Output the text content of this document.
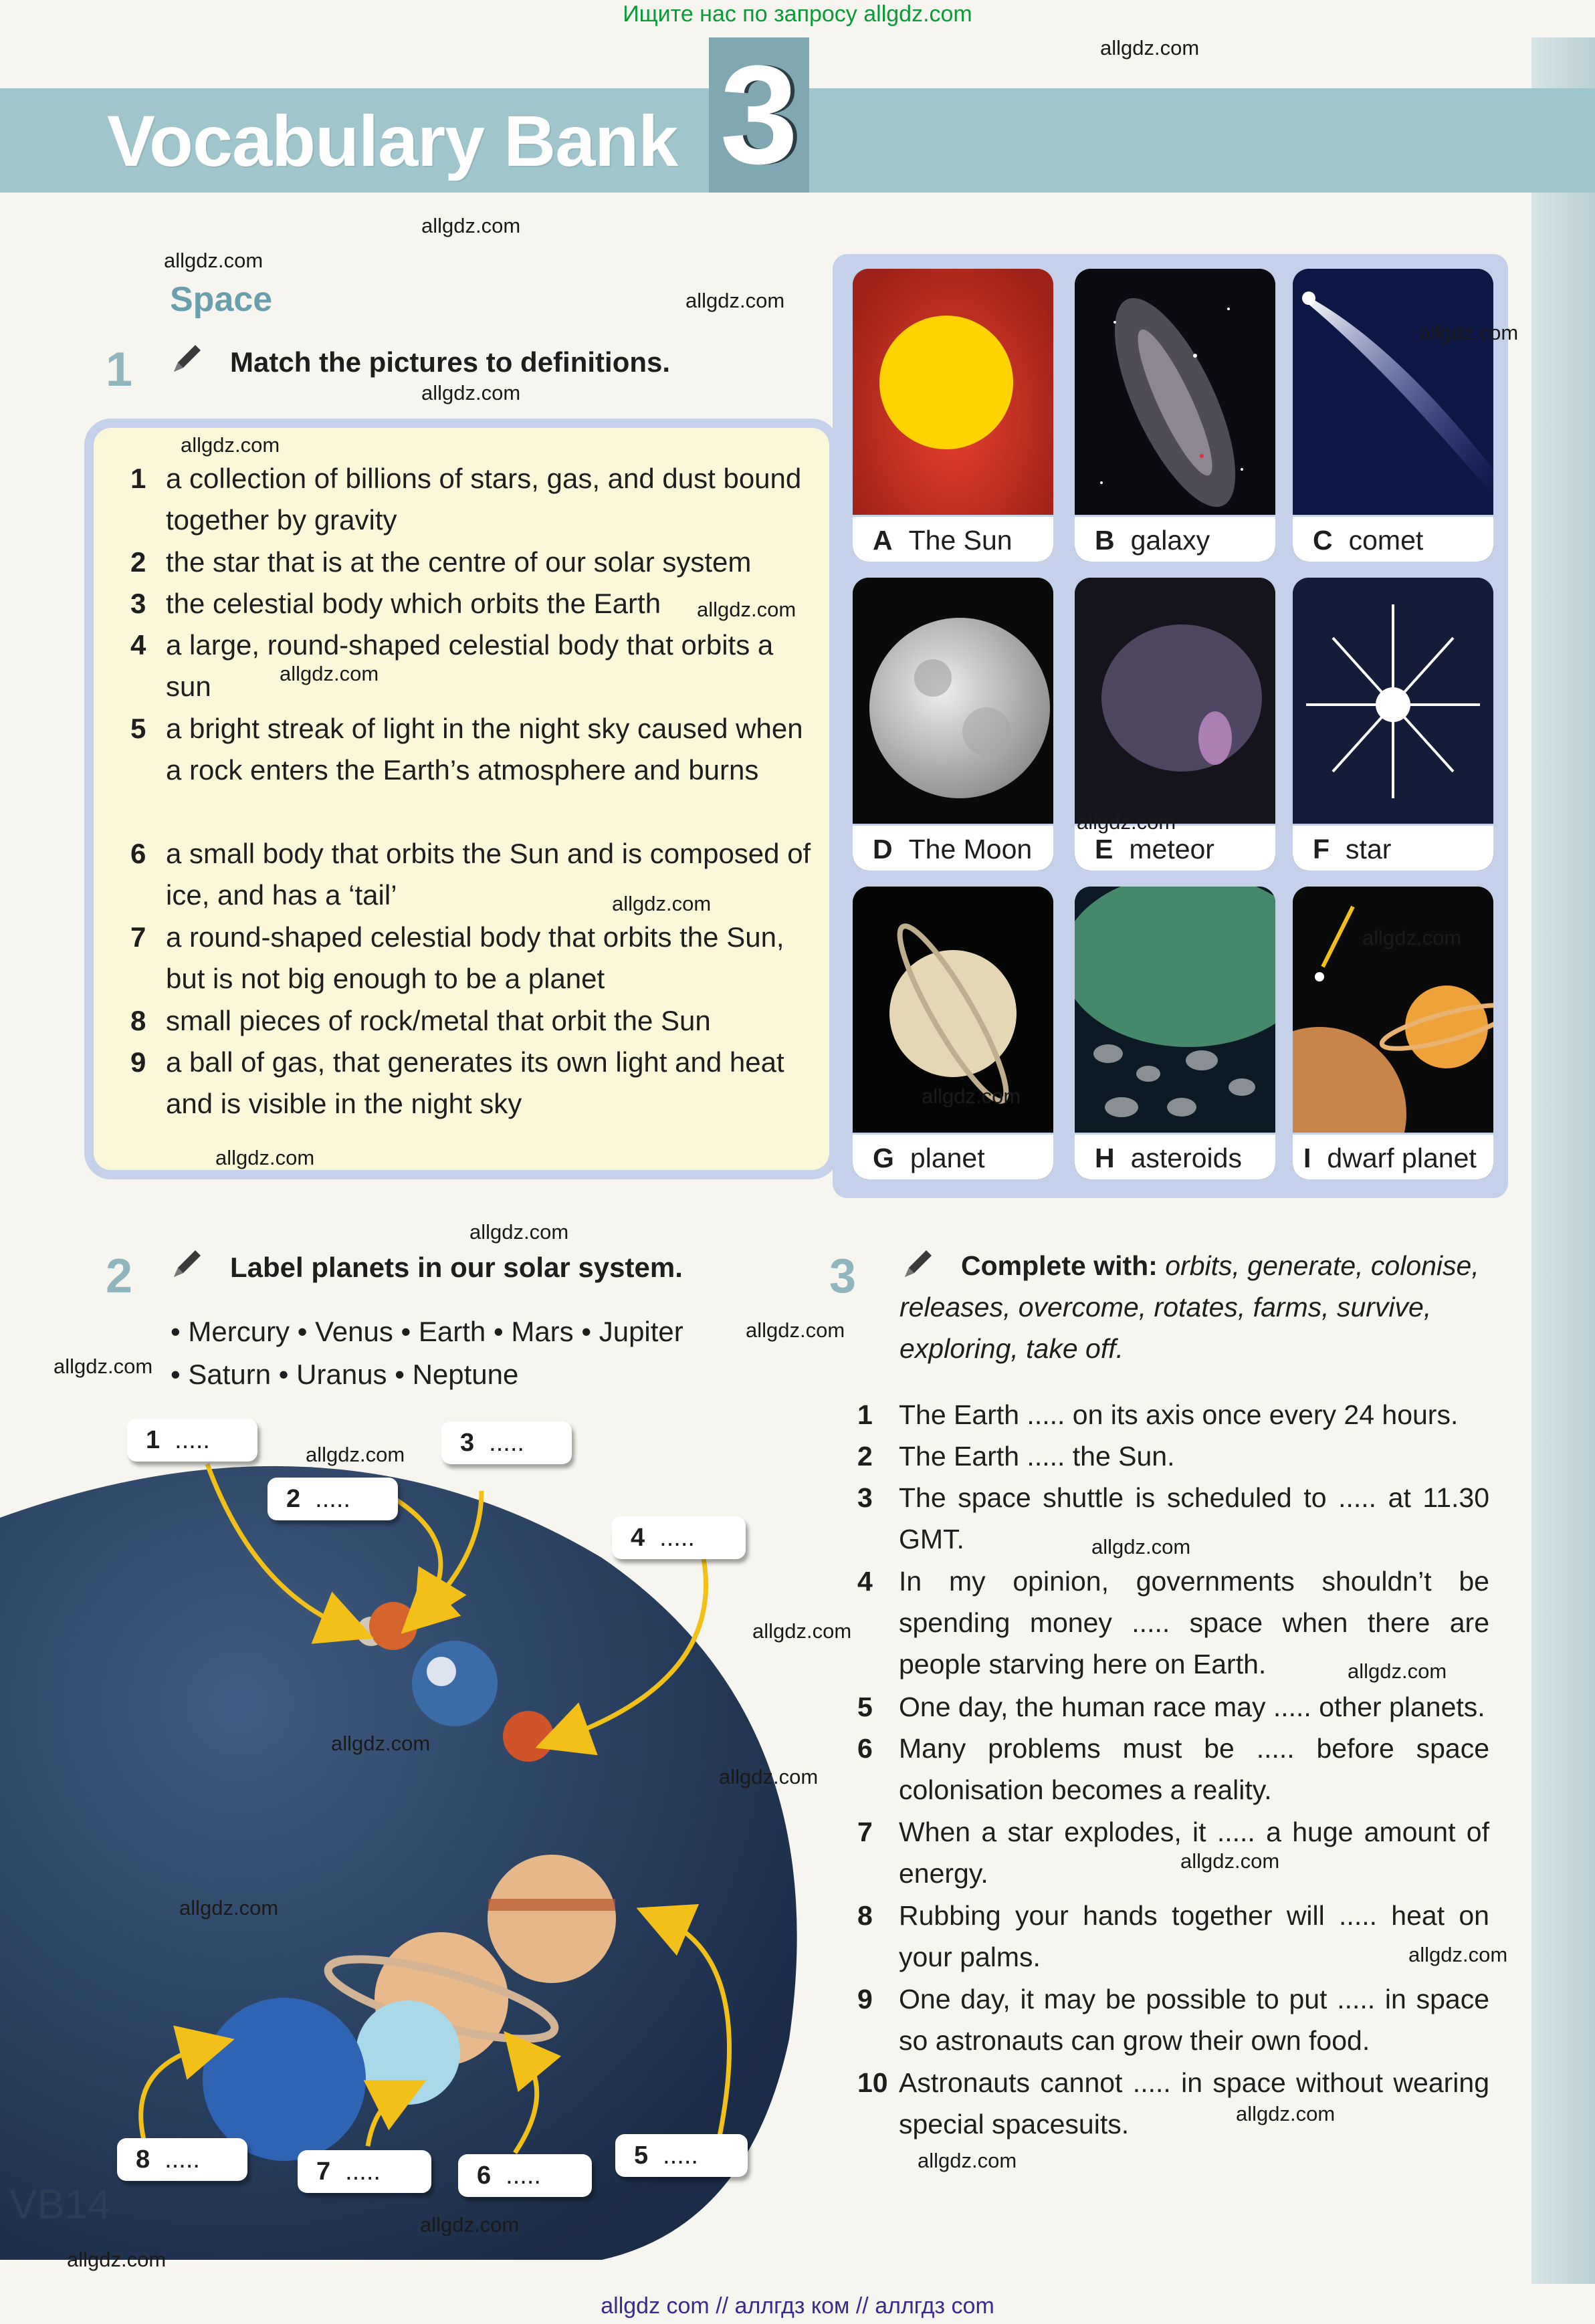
Ищите нас по запросу allgdz.com
allgdz com // аллгдз ком // аллгдз com
Vocabulary Bank 3
Space
1	Match the pictures to definitions.
1 a collection of billions of stars, gas, and dust bound together by gravity
2 the star that is at the centre of our solar system
3 the celestial body which orbits the Earth
4 a large, round-shaped celestial body that orbits a sun
5 a bright streak of light in the night sky caused when a rock enters the Earth’s atmosphere and burns
6 a small body that orbits the Sun and is composed of ice, and has a ‘tail’
7 a round-shaped celestial body that orbits the Sun, but is not big enough to be a planet
8 small pieces of rock/metal that orbit the Sun
9 a ball of gas, that generates its own light and heat and is visible in the night sky
A The Sun	B galaxy	C comet
D The Moon	E meteor	F star
G planet	H asteroids	I dwarf planet
2	Label planets in our solar system.
• Mercury • Venus • Earth • Mars • Jupiter
• Saturn • Uranus • Neptune
1 .....
2 .....
3 .....
4 .....
5 .....
6 .....
7 .....
8 .....
3	Complete with: orbits, generate, colonise,
releases, overcome, rotates, farms, survive,
exploring, take off.
1 The Earth ..... on its axis once every 24 hours.
2 The Earth ..... the Sun.
3 The space shuttle is scheduled to ..... at 11.30 GMT.
4 In my opinion, governments shouldn’t be spending money ..... space when there are people starving here on Earth.
5 One day, the human race may ..... other planets.
6 Many problems must be ..... before space colonisation becomes a reality.
7 When a star explodes, it ..... a huge amount of energy.
8 Rubbing your hands together will ..... heat on your palms.
9 One day, it may be possible to put ..... in space so astronauts can grow their own food.
10 Astronauts cannot ..... in space without wearing special spacesuits.
VB14
allgdz.com
allgdz.com
allgdz.com
allgdz.com
allgdz.com
allgdz.com
allgdz.com
allgdz.com
allgdz.com
allgdz.com
allgdz.com
allgdz.com
allgdz.com
allgdz.com
allgdz.com
allgdz.com
allgdz.com
allgdz.com
allgdz.com
allgdz.com
allgdz.com
allgdz.com
allgdz.com
allgdz.com
allgdz.com
allgdz.com
allgdz.com
allgdz.com
allgdz.com
allgdz.com
